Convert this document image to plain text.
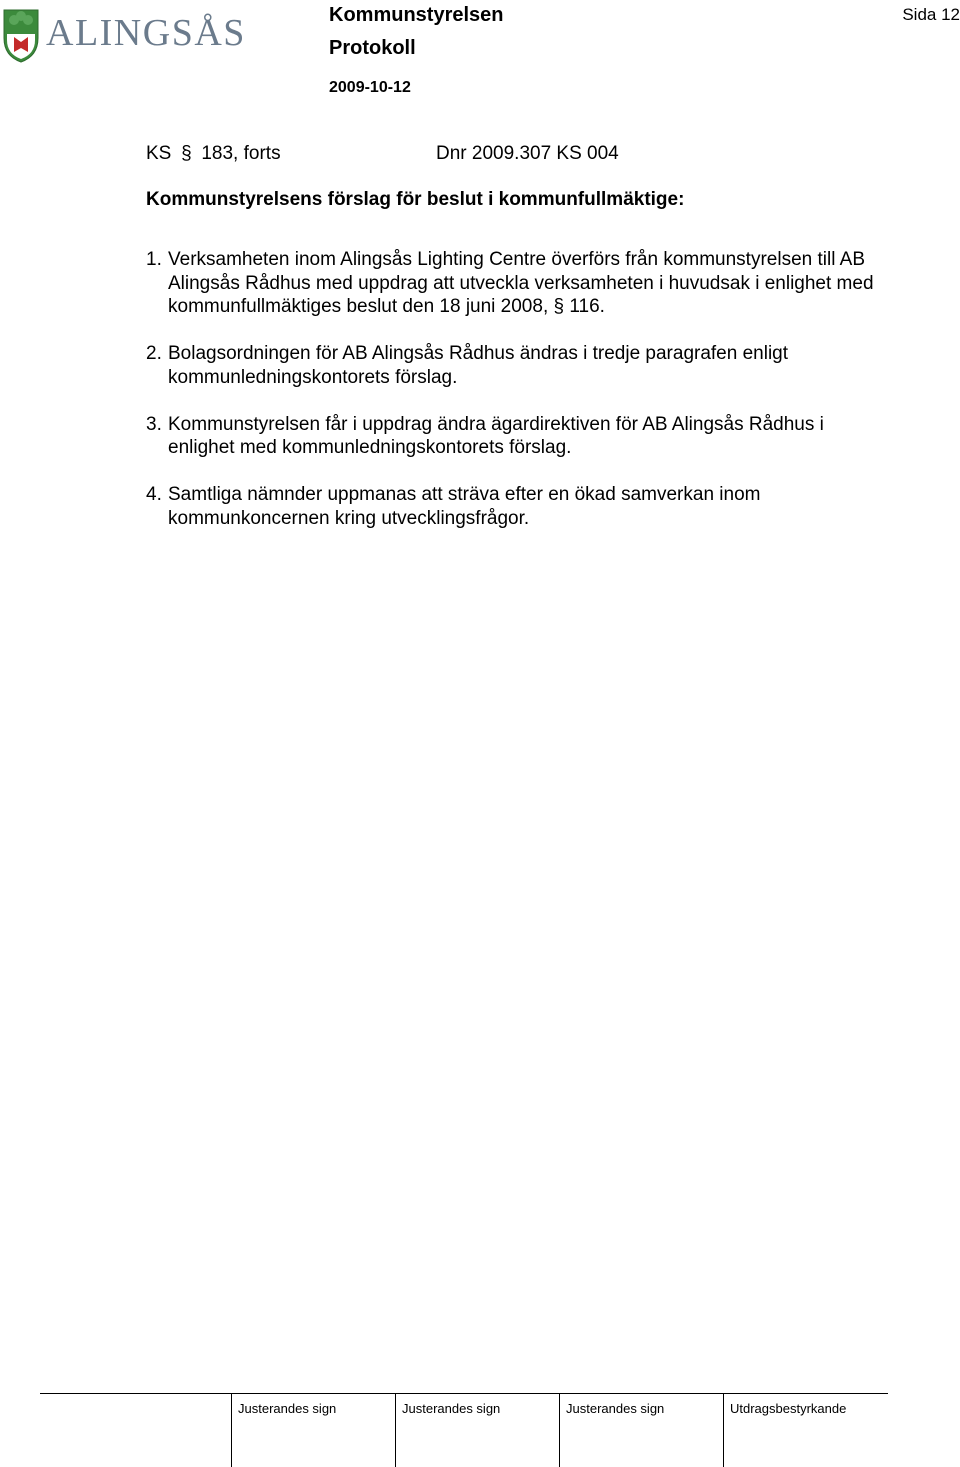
ALINGSÅS	Kommunstyrelsen
Protokoll
2009-10-12
Sida 12
KS § 183, forts	Dnr 2009.307 KS 004
Kommunstyrelsens förslag för beslut i kommunfullmäktige:
1. Verksamheten inom Alingsås Lighting Centre överförs från kommunstyrelsen till AB Alingsås Rådhus med uppdrag att utveckla verksamheten i huvudsak i enlighet med kommunfullmäktiges beslut den 18 juni 2008, § 116.
2. Bolagsordningen för AB Alingsås Rådhus ändras i tredje paragrafen enligt kommunledningskontorets förslag.
3. Kommunstyrelsen får i uppdrag ändra ägardirektiven för AB Alingsås Rådhus i enlighet med kommunledningskontorets förslag.
4. Samtliga nämnder uppmanas att sträva efter en ökad samverkan inom kommunkoncernen kring utvecklingsfrågor.
Justerandes sign	Justerandes sign	Justerandes sign	Utdragsbestyrkande
